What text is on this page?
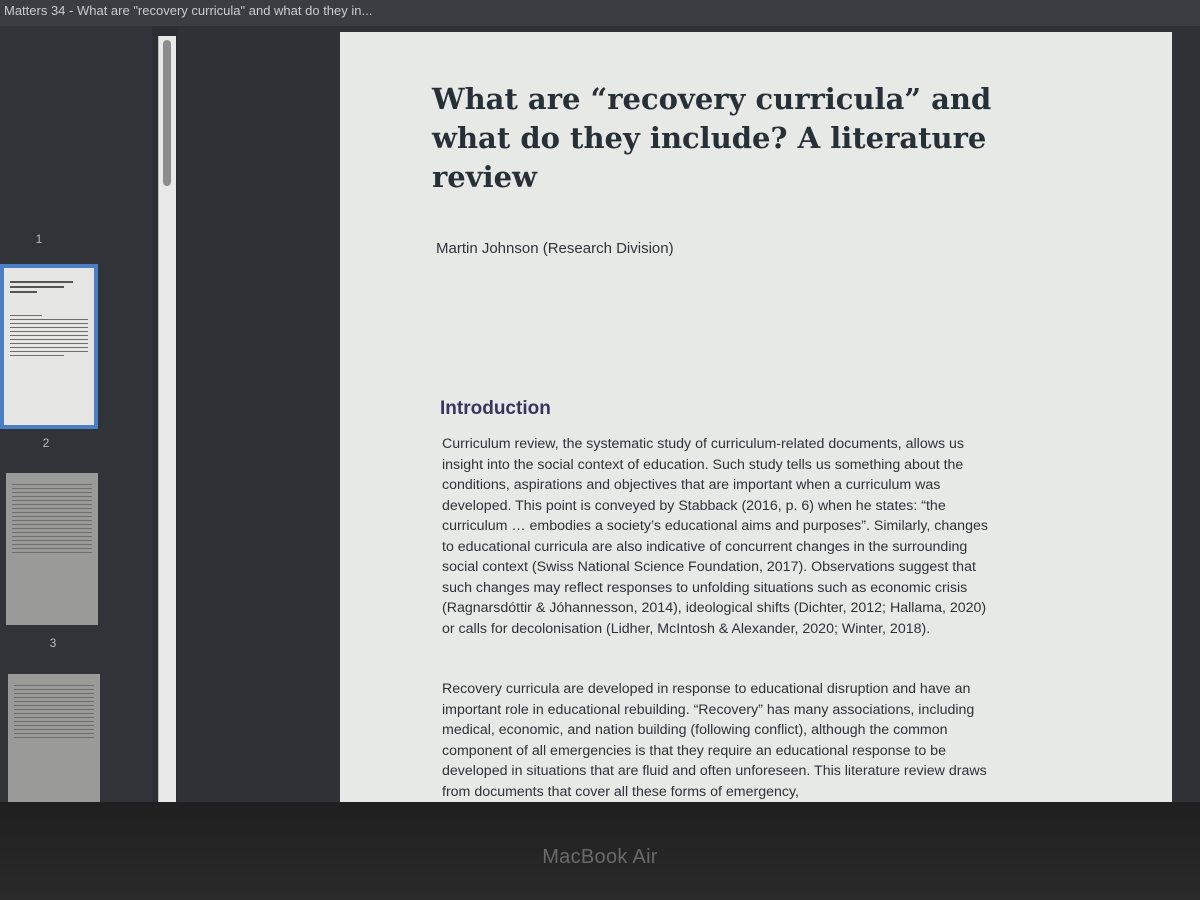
Matters 34 - What are "recovery curricula" and what do they in...
1
2
3
What are “recovery curricula” and what do they include? A literature review
Martin Johnson (Research Division)
Introduction

Curriculum review, the systematic study of curriculum-related documents, allows us insight into the social context of education. Such study tells us something about the conditions, aspirations and objectives that are important when a curriculum was developed. This point is conveyed by Stabback (2016, p. 6) when he states: “the curriculum … embodies a society’s educational aims and purposes”. Similarly, changes to educational curricula are also indicative of concurrent changes in the surrounding social context (Swiss National Science Foundation, 2017). Observations suggest that such changes may reflect responses to unfolding situations such as economic crisis (Ragnarsdóttir & Jóhannesson, 2014), ideological shifts (Dichter, 2012; Hallama, 2020) or calls for decolonisation (Lidher, McIntosh & Alexander, 2020; Winter, 2018).

Recovery curricula are developed in response to educational disruption and have an important role in educational rebuilding. “Recovery” has many associations, including medical, economic, and nation building (following conflict), although the common component of all emergencies is that they require an educational response to be developed in situations that are fluid and often unforeseen. This literature review draws from documents that cover all these forms of emergency,

MacBook Air
